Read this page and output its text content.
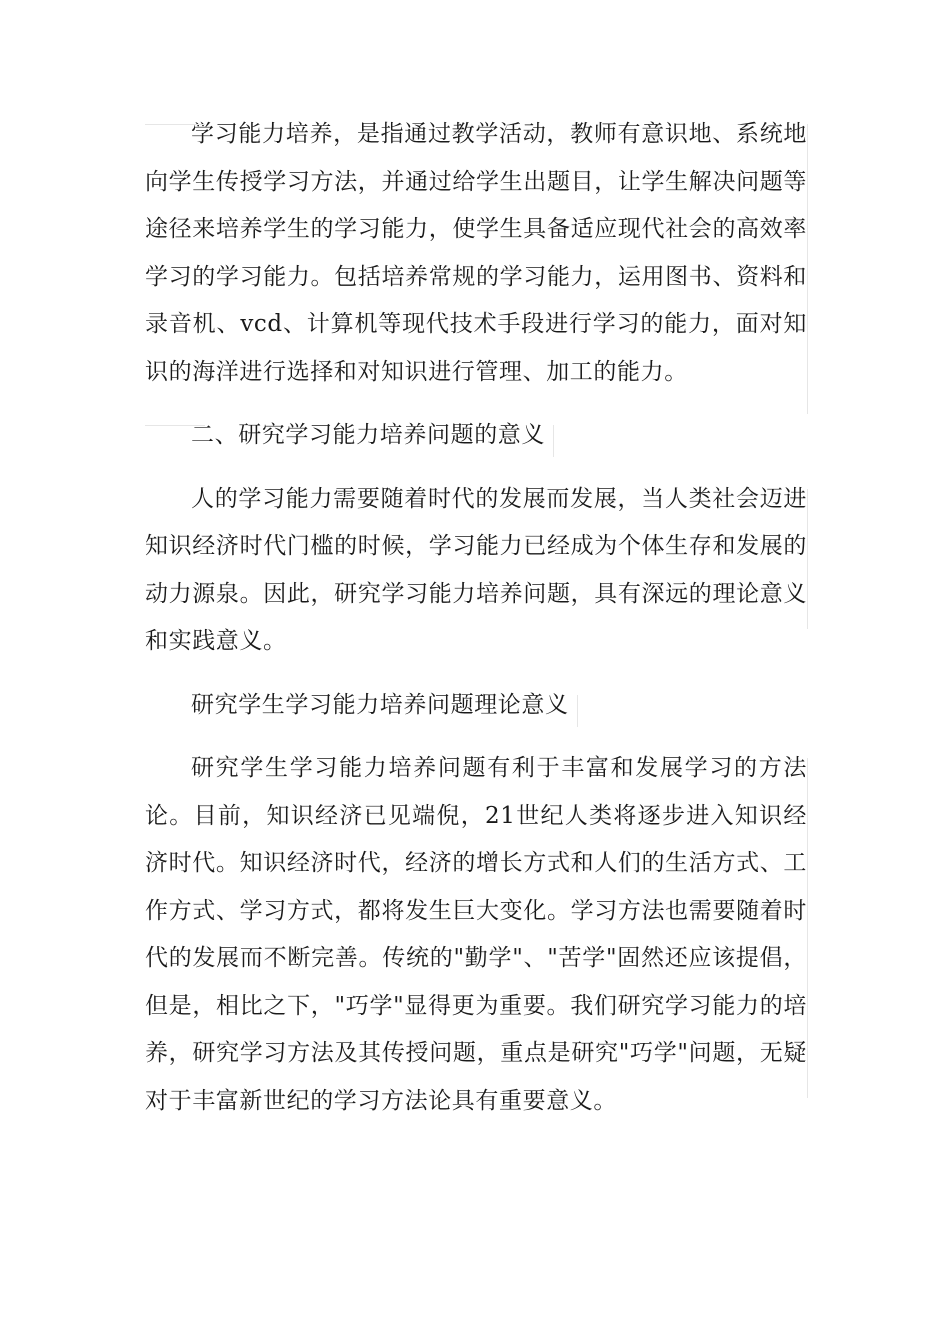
学习能力培养，是指通过教学活动，教师有意识地、系统地向学生传授学习方法，并通过给学生出题目，让学生解决问题等途径来培养学生的学习能力，使学生具备适应现代社会的高效率学习的学习能力。包括培养常规的学习能力，运用图书、资料和录音机、vcd、计算机等现代技术手段进行学习的能力，面对知识的海洋进行选择和对知识进行管理、加工的能力。
二、研究学习能力培养问题的意义
人的学习能力需要随着时代的发展而发展，当人类社会迈进知识经济时代门槛的时候，学习能力已经成为个体生存和发展的动力源泉。因此，研究学习能力培养问题，具有深远的理论意义和实践意义。
研究学生学习能力培养问题理论意义
研究学生学习能力培养问题有利于丰富和发展学习的方法论。目前，知识经济已见端倪，21世纪人类将逐步进入知识经济时代。知识经济时代，经济的增长方式和人们的生活方式、工作方式、学习方式，都将发生巨大变化。学习方法也需要随着时代的发展而不断完善。传统的"勤学"、"苦学"固然还应该提倡，但是，相比之下，"巧学"显得更为重要。我们研究学习能力的培养，研究学习方法及其传授问题，重点是研究"巧学"问题，无疑对于丰富新世纪的学习方法论具有重要意义。
